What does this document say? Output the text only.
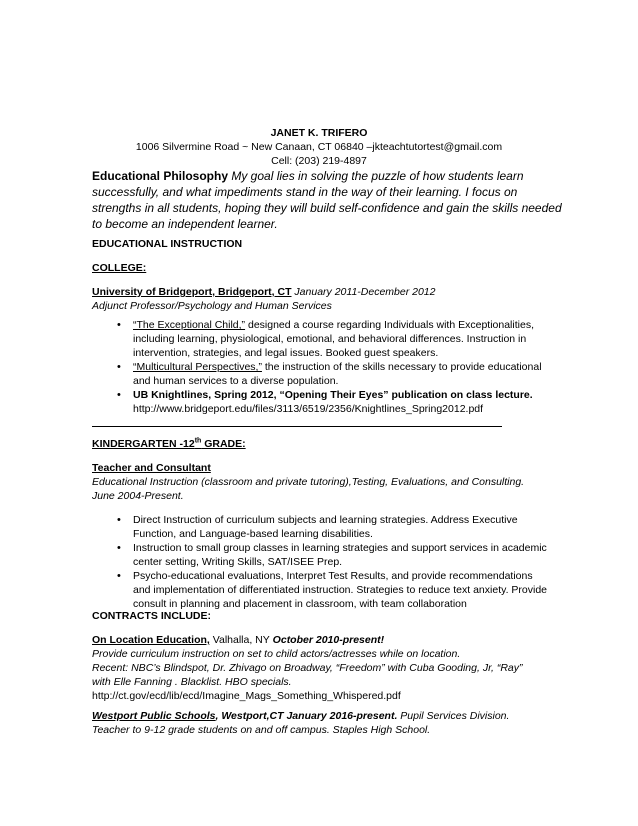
JANET K. TRIFERO
1006 Silvermine Road ~ New Canaan, CT 06840 –jkteachtutortest@gmail.com
Cell: (203) 219-4897
Educational Philosophy My goal lies in solving the puzzle of how students learn
successfully, and what impediments stand in the way of their learning. I focus on
strengths in all students, hoping they will build self-confidence and gain the skills needed
to become an independent learner.
EDUCATIONAL INSTRUCTION
COLLEGE:
University of Bridgeport, Bridgeport, CT January 2011-December 2012
Adjunct Professor/Psychology and Human Services
• “The Exceptional Child,” designed a course regarding Individuals with Exceptionalities,
including learning, physiological, emotional, and behavioral differences. Instruction in
intervention, strategies, and legal issues. Booked guest speakers.
• “Multicultural Perspectives,” the instruction of the skills necessary to provide educational
and human services to a diverse population.
• UB Knightlines, Spring 2012, “Opening Their Eyes” publication on class lecture.
http://www.bridgeport.edu/files/3113/6519/2356/Knightlines_Spring2012.pdf
KINDERGARTEN -12th GRADE:
Teacher and Consultant
Educational Instruction (classroom and private tutoring),Testing, Evaluations, and Consulting.
June 2004-Present.
• Direct Instruction of curriculum subjects and learning strategies. Address Executive
Function, and Language-based learning disabilities.
• Instruction to small group classes in learning strategies and support services in academic
center setting, Writing Skills, SAT/ISEE Prep.
• Psycho-educational evaluations, Interpret Test Results, and provide recommendations
and implementation of differentiated instruction. Strategies to reduce text anxiety. Provide
consult in planning and placement in classroom, with team collaboration
CONTRACTS INCLUDE:
On Location Education, Valhalla, NY October 2010-present!
Provide curriculum instruction on set to child actors/actresses while on location.
Recent: NBC’s Blindspot, Dr. Zhivago on Broadway, “Freedom” with Cuba Gooding, Jr, “Ray”
with Elle Fanning . Blacklist. HBO specials.
http://ct.gov/ecd/lib/ecd/Imagine_Mags_Something_Whispered.pdf
Westport Public Schools, Westport,CT January 2016-present. Pupil Services Division.
Teacher to 9-12 grade students on and off campus. Staples High School.
